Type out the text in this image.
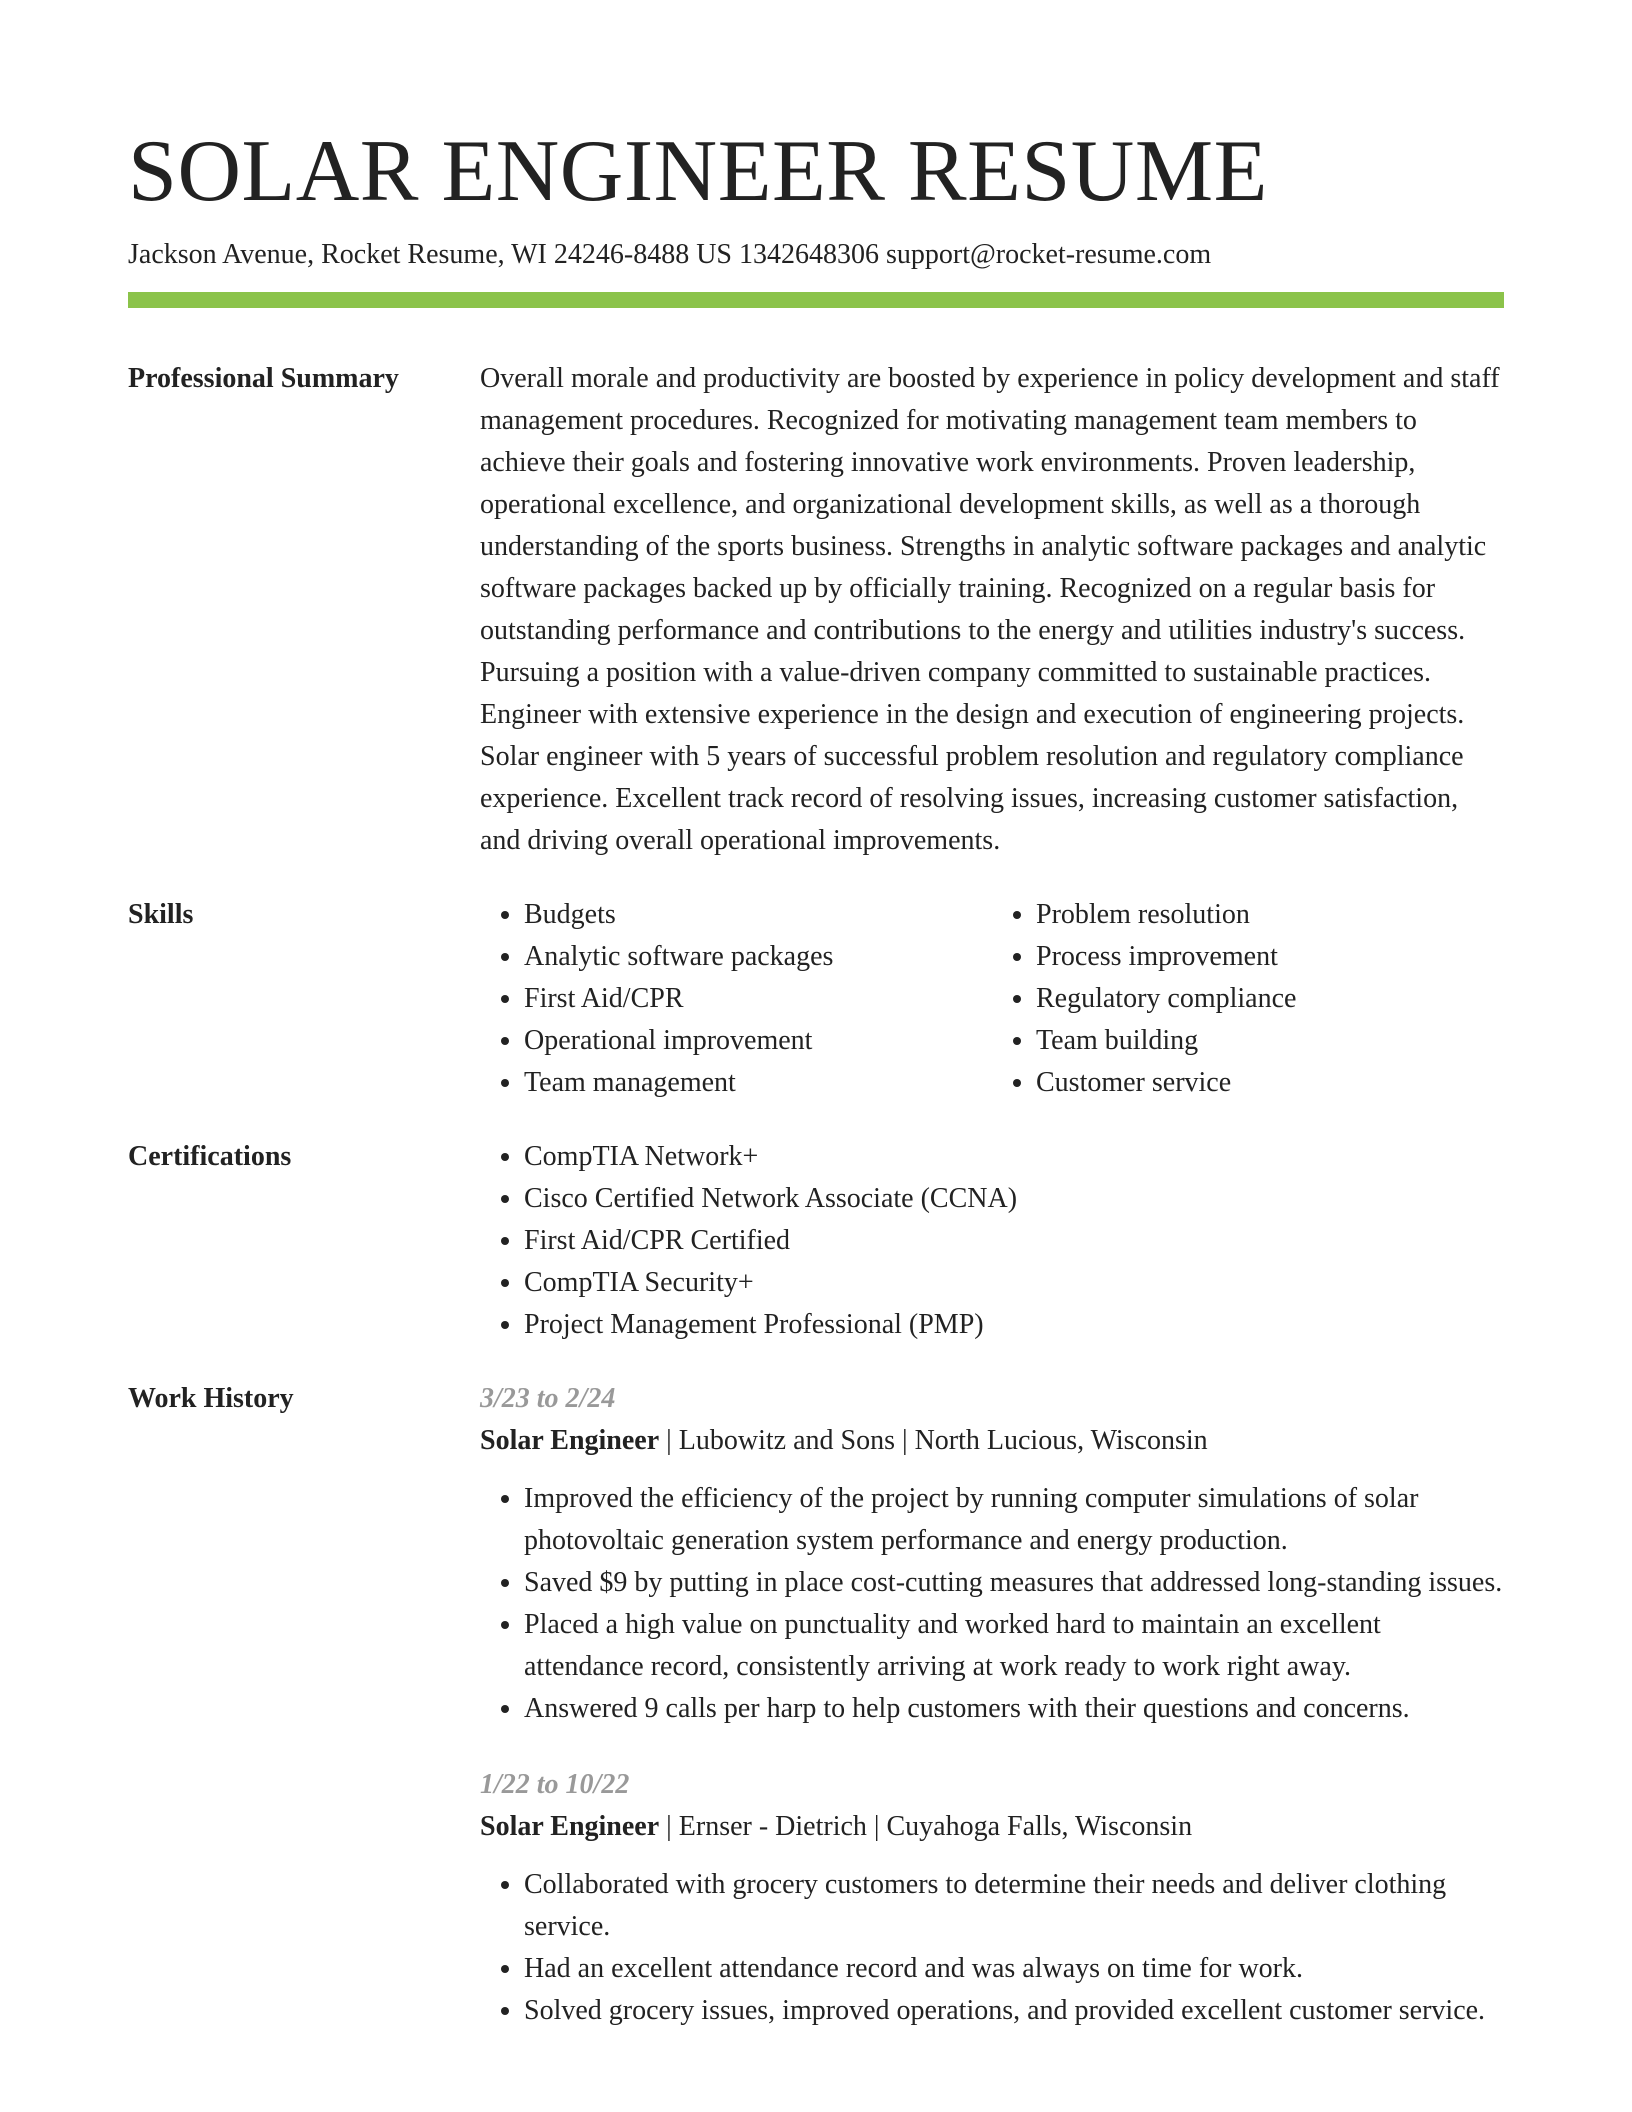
SOLAR ENGINEER RESUME
Jackson Avenue, Rocket Resume, WI 24246-8488 US 1342648306 support@rocket-resume.com
Professional Summary	Overall morale and productivity are boosted by experience in policy development and staff management procedures. Recognized for motivating management team members to achieve their goals and fostering innovative work environments. Proven leadership, operational excellence, and organizational development skills, as well as a thorough understanding of the sports business. Strengths in analytic software packages and analytic software packages backed up by officially training. Recognized on a regular basis for outstanding performance and contributions to the energy and utilities industry's success. Pursuing a position with a value-driven company committed to sustainable practices. Engineer with extensive experience in the design and execution of engineering projects. Solar engineer with 5 years of successful problem resolution and regulatory compliance experience. Excellent track record of resolving issues, increasing customer satisfaction, and driving overall operational improvements.

Skills	• Budgets
• Analytic software packages
• First Aid/CPR
• Operational improvement
• Team management
• Problem resolution
• Process improvement
• Regulatory compliance
• Team building
• Customer service
Certifications	• CompTIA Network+
• Cisco Certified Network Associate (CCNA)
• First Aid/CPR Certified
• CompTIA Security+
• Project Management Professional (PMP)
Work History	3/23 to 2/24
Solar Engineer | Lubowitz and Sons | North Lucious, Wisconsin
• Improved the efficiency of the project by running computer simulations of solar photovoltaic generation system performance and energy production.
• Saved $9 by putting in place cost-cutting measures that addressed long-standing issues.
• Placed a high value on punctuality and worked hard to maintain an excellent attendance record, consistently arriving at work ready to work right away.
• Answered 9 calls per harp to help customers with their questions and concerns.
1/22 to 10/22
Solar Engineer | Ernser - Dietrich | Cuyahoga Falls, Wisconsin
• Collaborated with grocery customers to determine their needs and deliver clothing service.
• Had an excellent attendance record and was always on time for work.
• Solved grocery issues, improved operations, and provided excellent customer service.
